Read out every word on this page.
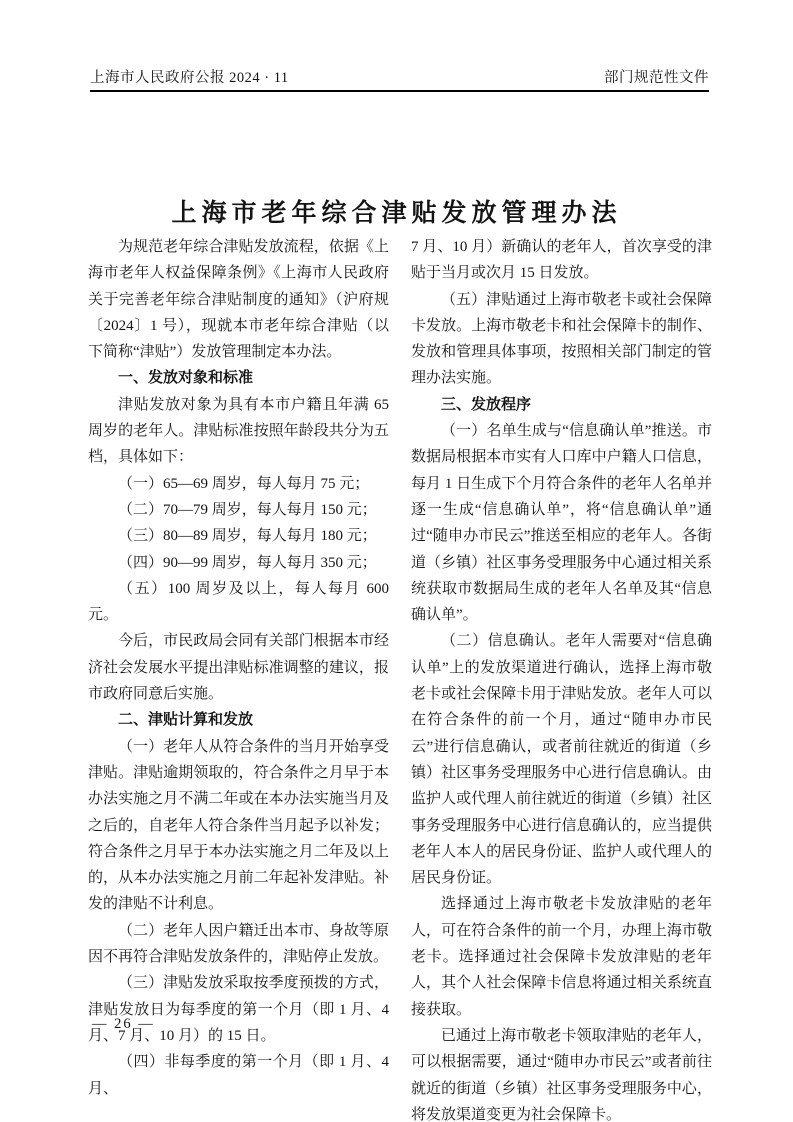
上海市人民政府公报 2024 · 11	部门规范性文件
上海市老年综合津贴发放管理办法

为规范老年综合津贴发放流程，依据《上海市老年人权益保障条例》《上海市人民政府关于完善老年综合津贴制度的通知》（沪府规〔2024〕1 号），现就本市老年综合津贴（以下简称“津贴”）发放管理制定本办法。

一、发放对象和标准

津贴发放对象为具有本市户籍且年满 65 周岁的老年人。津贴标准按照年龄段共分为五档，具体如下：

（一）65—69 周岁，每人每月 75 元；

（二）70—79 周岁，每人每月 150 元；

（三）80—89 周岁，每人每月 180 元；

（四）90—99 周岁，每人每月 350 元；

（五）100 周岁及以上，每人每月 600 元。

今后，市民政局会同有关部门根据本市经济社会发展水平提出津贴标准调整的建议，报市政府同意后实施。

二、津贴计算和发放

（一）老年人从符合条件的当月开始享受津贴。津贴逾期领取的，符合条件之月早于本办法实施之月不满二年或在本办法实施当月及之后的，自老年人符合条件当月起予以补发；符合条件之月早于本办法实施之月二年及以上的，从本办法实施之月前二年起补发津贴。补发的津贴不计利息。

（二）老年人因户籍迁出本市、身故等原因不再符合津贴发放条件的，津贴停止发放。

（三）津贴发放采取按季度预拨的方式，津贴发放日为每季度的第一个月（即 1 月、4 月、7 月、10 月）的 15 日。

（四）非每季度的第一个月（即 1 月、4 月、

7 月、10 月）新确认的老年人，首次享受的津贴于当月或次月 15 日发放。

（五）津贴通过上海市敬老卡或社会保障卡发放。上海市敬老卡和社会保障卡的制作、发放和管理具体事项，按照相关部门制定的管理办法实施。

三、发放程序

（一）名单生成与“信息确认单”推送。市数据局根据本市实有人口库中户籍人口信息，每月 1 日生成下个月符合条件的老年人名单并逐一生成“信息确认单”，将“信息确认单”通过“随申办市民云”推送至相应的老年人。各街道（乡镇）社区事务受理服务中心通过相关系统获取市数据局生成的老年人名单及其“信息确认单”。

（二）信息确认。老年人需要对“信息确认单”上的发放渠道进行确认，选择上海市敬老卡或社会保障卡用于津贴发放。老年人可以在符合条件的前一个月，通过“随申办市民云”进行信息确认，或者前往就近的街道（乡镇）社区事务受理服务中心进行信息确认。由监护人或代理人前往就近的街道（乡镇）社区事务受理服务中心进行信息确认的，应当提供老年人本人的居民身份证、监护人或代理人的居民身份证。

选择通过上海市敬老卡发放津贴的老年人，可在符合条件的前一个月，办理上海市敬老卡。选择通过社会保障卡发放津贴的老年人，其个人社会保障卡信息将通过相关系统直接获取。

已通过上海市敬老卡领取津贴的老年人，可以根据需要，通过“随申办市民云”或者前往就近的街道（乡镇）社区事务受理服务中心，将发放渠道变更为社会保障卡。

— 26 —
